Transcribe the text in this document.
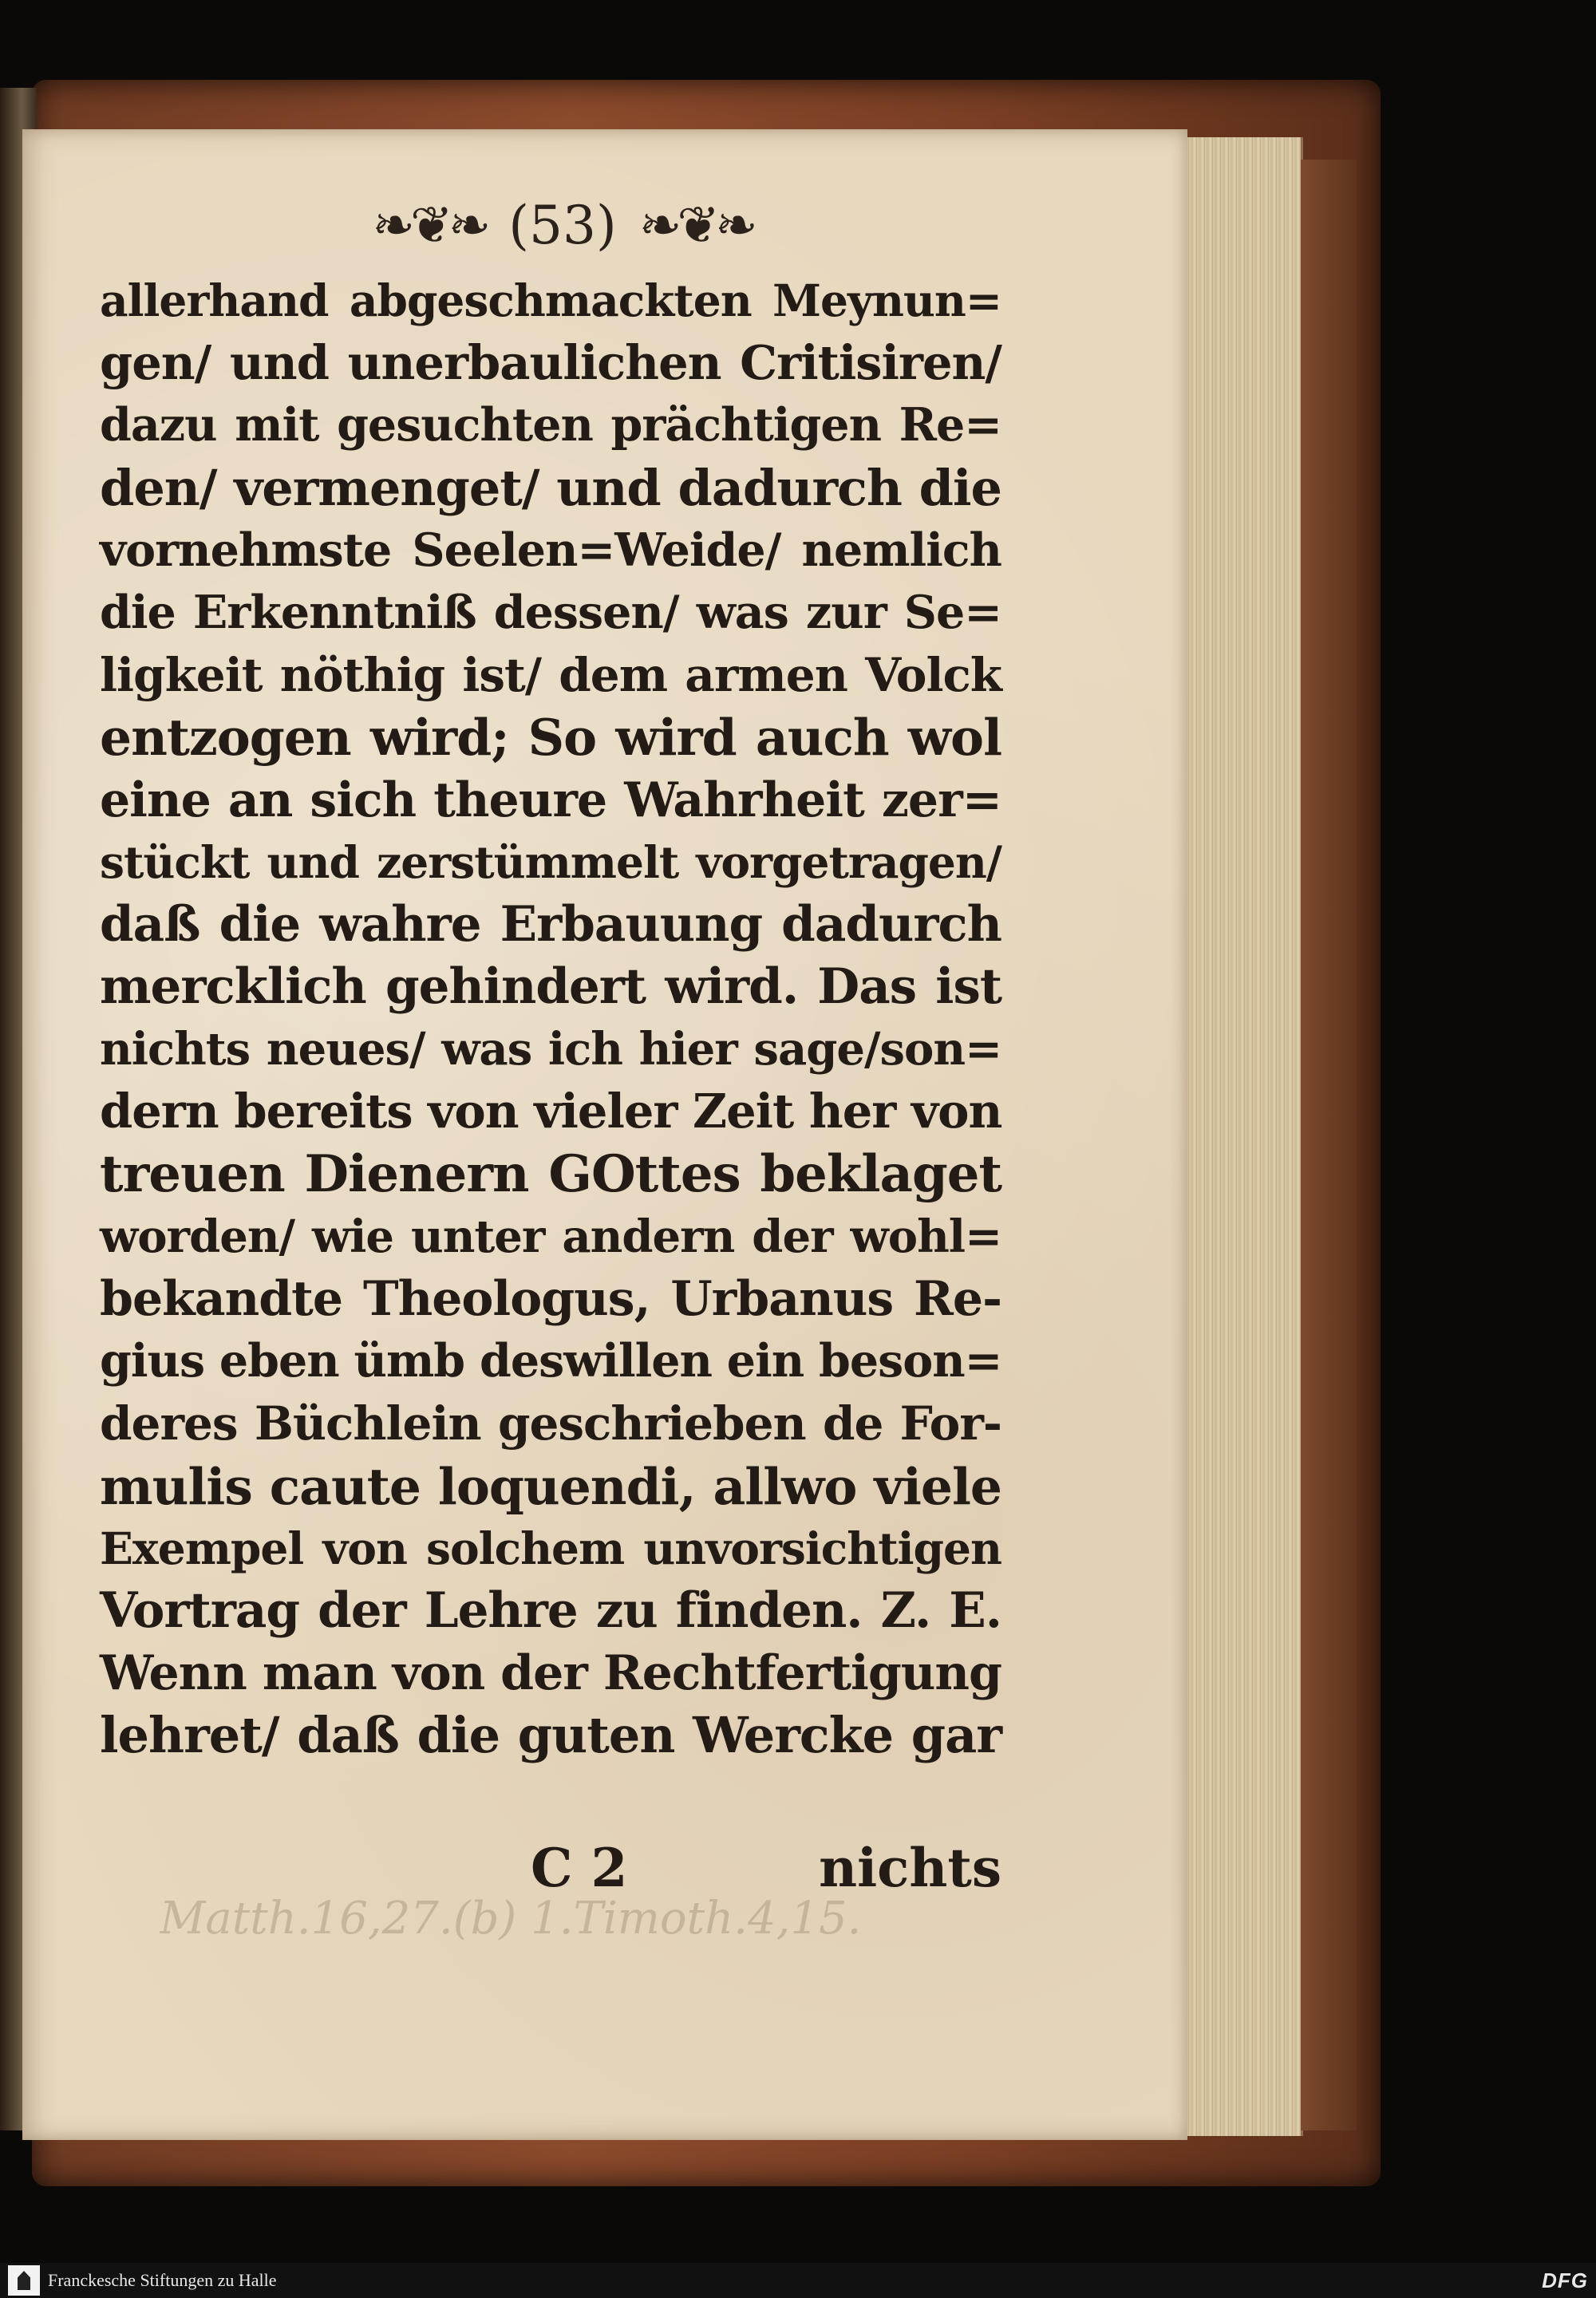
❧❦❧ (53) ❧❦❧
allerhand abgeschmackten Meynun=
gen/ und unerbaulichen Critisiren/
dazu mit gesuchten prächtigen Re=
den/ vermenget/ und dadurch die
vornehmste Seelen=Weide/ nemlich
die Erkenntniß dessen/ was zur Se=
ligkeit nöthig ist/ dem armen Volck
entzogen wird; So wird auch wol
eine an sich theure Wahrheit zer=
stückt und zerstümmelt vorgetragen/
daß die wahre Erbauung dadurch
mercklich gehindert wird. Das ist
nichts neues/ was ich hier sage/son=
dern bereits von vieler Zeit her von
treuen Dienern GOttes beklaget
worden/ wie unter andern der wohl=
bekandte Theologus, Urbanus Re-
gius eben ümb deswillen ein beson=
deres Büchlein geschrieben de For-
mulis caute loquendi, allwo viele
Exempel von solchem unvorsichtigen
Vortrag der Lehre zu finden. Z. E.
Wenn man von der Rechtfertigung
lehret/ daß die guten Wercke gar
C 2	nichts
Matth.16,27.(b) 1.Timoth.4,15.
Franckesche Stiftungen zu Halle	DFG
